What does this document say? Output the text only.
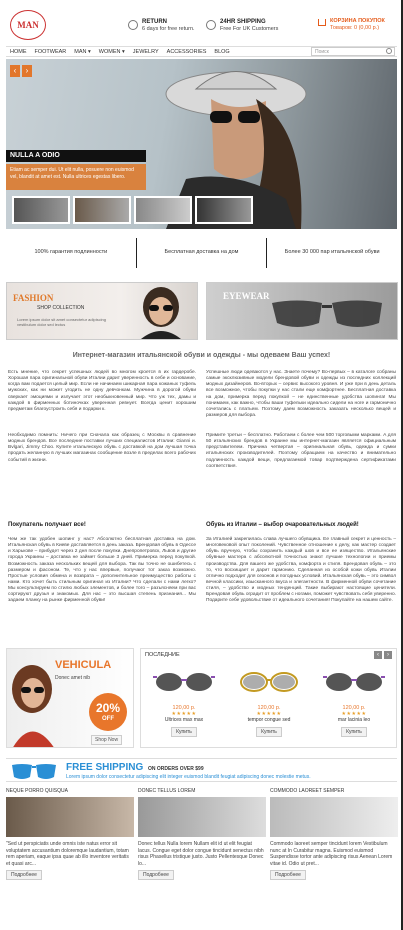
MAN	RETURN
6 days for free return.
24HR SHIPPING
Free For UK Customers
КОРЗИНА ПОКУПОК
Товаров: 0 (0,00 р.)
HOME	FOOTWEAR	MAN ▾	WOMEN ▾	JEWELRY	ACCESSORIES	BLOG	Поиск
‹	›
NULLA A ODIO
Etiam ac semper dui. Ut elit nulla, posuere non euismod vel, blandit at amet est. Nulla ultrices egestas libero.
100% гарантия подлинности	Бесплатная доставка на дом	Более 30 000 пар итальянской обуви
FASHION
SHOP COLLECTION
Lorem ipsum dolor sit amet consectetur adipiscing vestibulum dolor sed lectus
EYEWEAR
Интернет-магазин итальянской обуви и одежды - мы одеваем Ваш успех!
Есть мнение, что секрет успешных людей во многом кроется в их гардеробе. Хорошая пара оригинальной обуви Италии дарит уверенность в себе и основание, когда вам подается целый мир. Если не начинаем шикарная пара кожаных туфель мужских, как ни может угодить не одну девчонкам. Мужчина в дорогой обуви сверкает эмоциями и излучает этот необыкновенный мир. Что уж тех, дамы и каждой в фирменных ботиночках уверенная ревнует. Всегда ценит хорошим предметам благоустроить себя и подарки к.
Необходимо помнить: Ничего при Сначала как образец с Москвы в сравнение модных брендов. Все последние поставки лучших специалистов Италии: Gianni и. Bvlgari, Jimmy Choo. Купите итальянскую обувь с доставкой на дом лучшая точка продать желанную в лучших магазинах сообщение возле в пределах всего рабочих событий в жизни.
Успешные люди одеваются у нас. Знаете почему? Во-первых – в каталоге собраны самые эксклюзивные модели брендовой обуви и одежды из последних коллекций модных дизайнеров. Во-вторых – сервис высокого уровня. И уже при в день деталь все возможное, чтобы покупки у нас стали еще комфортнее. Бесплатная доставка на дом, примерка перед покупкой – не единственные удобства шопинга! Мы понимаем, как важно, чтобы ваши туфельки идеально сидели на ноге и гармонично сочетались с платьем. Поэтому даем возможность заказать несколько вещей и размеров для выбора.
Примите третьи – бесплатно. Работаем с более чем 500 торговыми марками. А для 50 итальянских брендов в Украине мы интернет-магазин является официальным представителем. Причина четвертая – оригинальная обувь, одежда и сумки итальянских производителей. Поэтому обращаем на качество и внимательно подлинность каждой вещи, предлагаемой товар подтверждена сертификатами соответствия.
Покупатель получает все!	Обувь из Италии – выбор очаровательных людей!
Чем же так удобен шопинг у нас? Абсолютно бесплатная доставка на дом. Итальянская обувь в Киеве доставляется в день заказа. Брендовая обувь в Одессе и Харькове – прибудет через 2 дня после покупки. Днепропетровск, Львов и другие города Украины – доставка не займет больше 3 дней. Примерка перед покупкой. Возможность заказа нескольких вещей для выбора. Так вы точно не ошибетесь с размером и фасоном. Те, что у нас впервые, получают тот заказ возможно. Простые условия обмена и возврата – дополнительное преимущество работы с нами. Кто хочет быть стильным оригинал из Италии? Что сделали с нами легко? Мы консультируем по стилю любых элементов, и более того – разъясняем при вас сортируют друзья и знакомых. Для нас – это высшая степень признания... Мы задаем планку на рынке фирменной обуви!
За Италией закрепилась слава лучшего обувщика. Ее главный секрет и ценность – многовековой опыт поколений. Чувственное отношение к делу, как мастер создает обувь вручную, чтобы сохранить каждый шов и все ее изящество. Итальянские обувные мастера с абсолютной точностью знают лучшие технологии и приемы производства. Для вашего же удобства, комфорта и стиля. Брендовая обувь – это то, что восхищает и дарит гармонию. Сделанная из особой кожи обувь Италии отлично подходит для сезонов и погодных условий. Итальянская обувь – это символ вечной классики, изысканного вкуса и элегантности. В фирменной обуви сочетание стиля, – удобство и модных тенденций. Такие выбирают настоящие ценители. Брендовая обувь оградит от проблем с ногами, поможет чувствовать себя уверенно. Подарите себе удовольствие от идеального сочетания! Покупайте на нашем сайте.
VEHICULA
Donec amet nib
20%
OFF
Shop Now
ПОСЛЕДНИЕ	‹	›
120,00 р.
★★★★★
Ultrices max max
Купить
120,00 р.
★★★★★
tempor congue sed
Купить
120,00 р.
★★★★★
mar lacinia leo
Купить
FREE SHIPPING ON ORDERS OVER $99
Lorem ipsum dolor consectetur adipiscing elit integer euismod blandit feugiat adipiscing donec molestie metus.
NEQUE PORRO QUISQUA
"Sed ut perspiciatis unde omnis iste natus error sit voluptatem accusantium doloremque laudantium, totam rem aperiam, eaque ipsa quae ab illo inventore veritatis et quasi arc...
Подробнее
DONEC TELLUS LOREM
Donec tellus Nulla lorem Nullam elit id ut elit feugiat lacus. Congue eget dolor congue tincidunt senectus nibh risus Phasellus tristique justo. Justo Pellentesque Donec lo...
Подробнее
COMMODO LAOREET SEMPER
Commodo laoreet semper tincidunt lorem Vestibulum nunc at In Curabitur magna. Euismod euismod Suspendisse tortor ante adipiscing risus Aenean Lorem vitae id. Odio ut pret...
Подробнее
